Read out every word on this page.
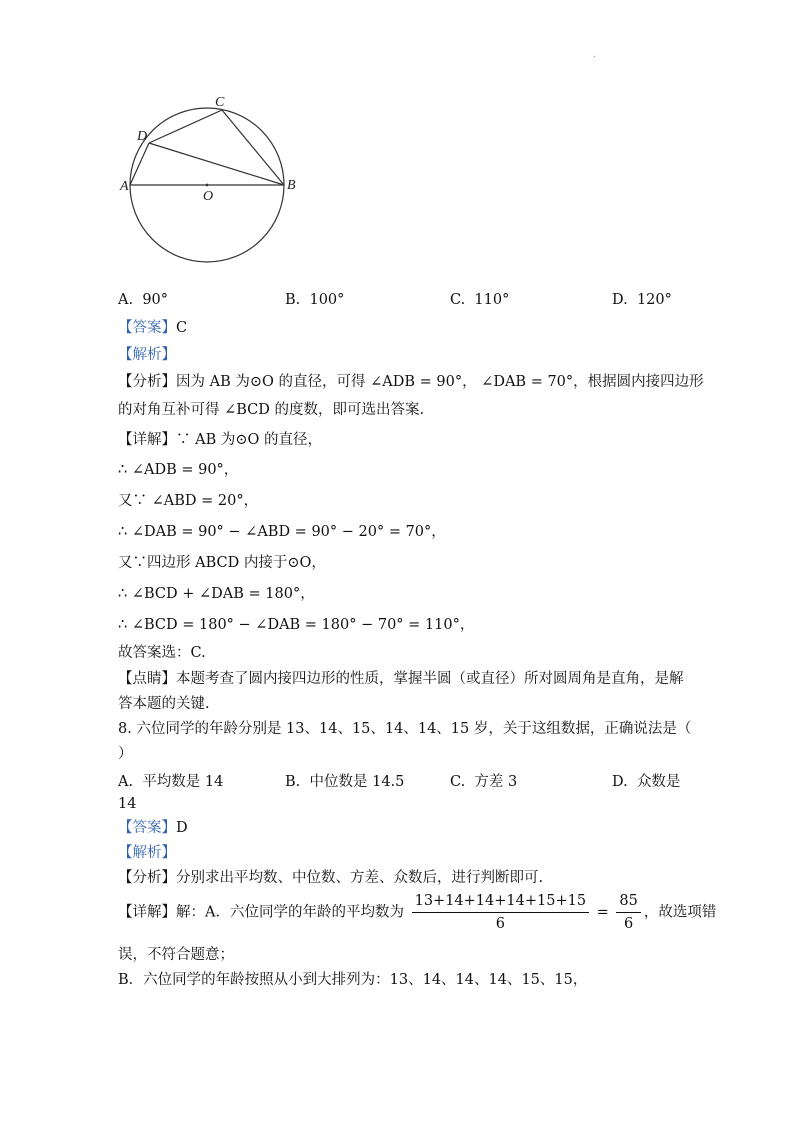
·
A	B
C
D
O
A. 90°	B. 100°	C. 110°	D. 120°
【答案】C
【解析】
【分析】因为 AB 为⊙O 的直径，可得 ∠ADB = 90°， ∠DAB = 70°，根据圆内接四边形
的对角互补可得 ∠BCD 的度数，即可选出答案.
【详解】∵ AB 为⊙O 的直径，
∴ ∠ADB = 90°，
又∵ ∠ABD = 20°，
∴ ∠DAB = 90° − ∠ABD = 90° − 20° = 70°，
又∵四边形 ABCD 内接于⊙O，
∴ ∠BCD + ∠DAB = 180°，
∴ ∠BCD = 180° − ∠DAB = 180° − 70° = 110°，
故答案选：C.
【点睛】本题考查了圆内接四边形的性质，掌握半圆（或直径）所对圆周角是直角，是解
答本题的关键.
8. 六位同学的年龄分别是 13、14、15、14、14、15 岁，关于这组数据，正确说法是（
）
A. 平均数是 14	B. 中位数是 14.5	C. 方差 3	D. 众数是
14
【答案】D
【解析】
【分析】分别求出平均数、中位数、方差、众数后，进行判断即可.
【详解】解：A．六位同学的年龄的平均数为 $\frac{13+14+14+14+15+15}{6} = \frac{85}{6}$ ，故选项错
误，不符合题意；
B．六位同学的年龄按照从小到大排列为：13、14、14、14、15、15，
